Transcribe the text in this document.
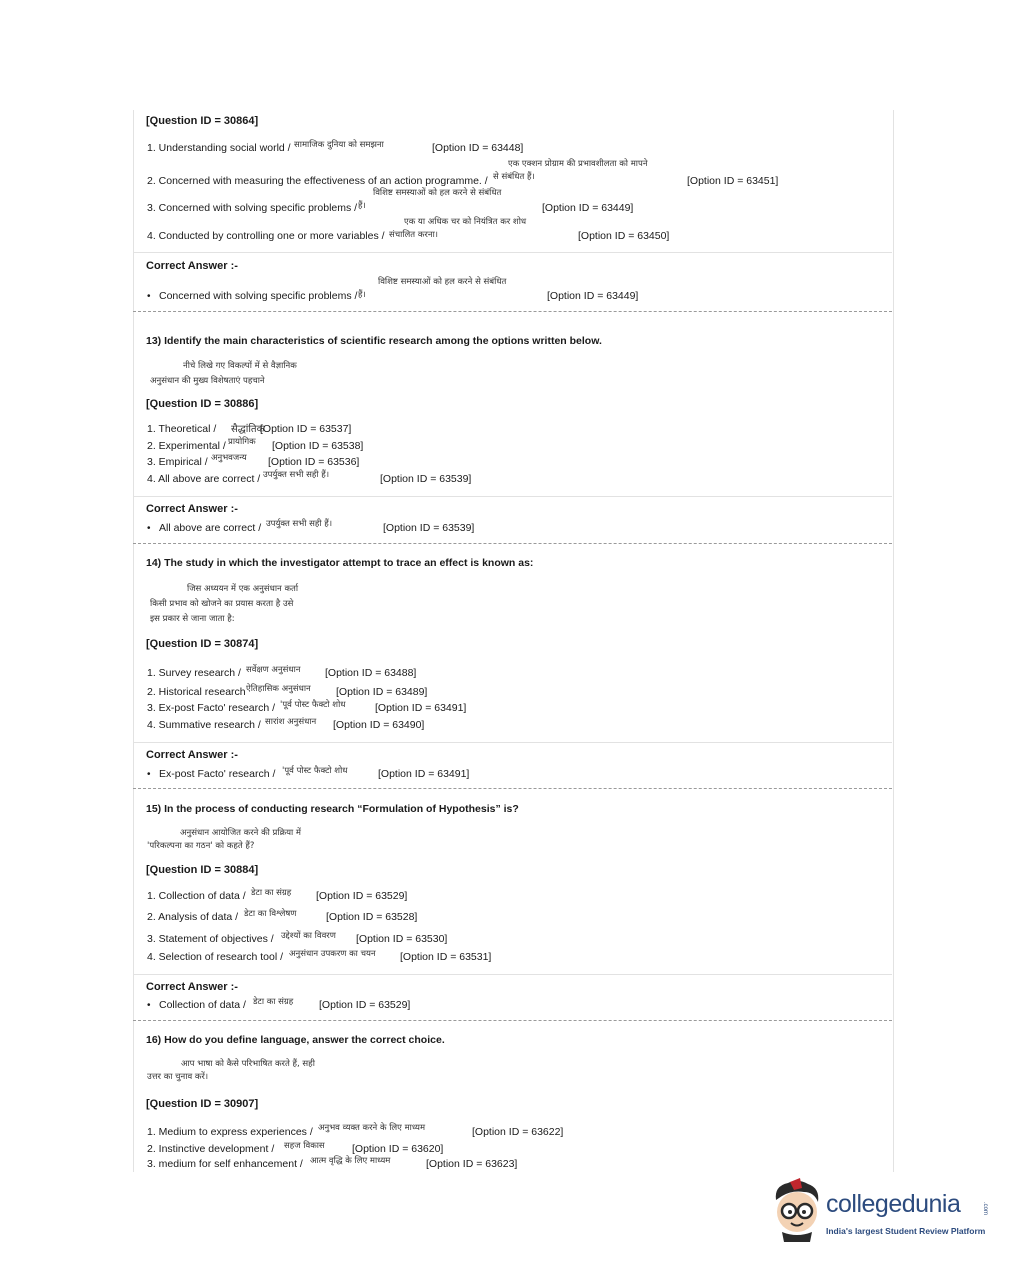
[Question ID = 30864]
1. Understanding social world / सामाजिक दुनिया को समझना	[Option ID = 63448]
एक एक्शन प्रोग्राम की प्रभावशीलता को मापने
2. Concerned with measuring the effectiveness of an action programme. / से संबंधित हैं।	[Option ID = 63451]
विशिष्ट समस्याओं को हल करने से संबंधित
3. Concerned with solving specific problems / हैं।	[Option ID = 63449]
एक या अधिक चर को नियंत्रित कर शोध
4. Conducted by controlling one or more variables / संचालित करना।	[Option ID = 63450]
Correct Answer :-
विशिष्ट समस्याओं को हल करने से संबंधित
• Concerned with solving specific problems / हैं।	[Option ID = 63449]
13) Identify the main characteristics of scientific research among the options written below.
नीचे लिखे गए विकल्पों में से वैज्ञानिक
अनुसंधान की मुख्य विशेषताएं पहचाने
[Question ID = 30886]
1. Theoretical / सैद्धांतिक
[Option ID = 63537]
2. Experimental / प्रायोगिक [Option ID = 63538]
3. Empirical / अनुभवजन्य [Option ID = 63536]
4. All above are correct / उपर्युक्त सभी सही हैं।	[Option ID = 63539]
Correct Answer :-
• All above are correct / उपर्युक्त सभी सही हैं।	[Option ID = 63539]
14) The study in which the investigator attempt to trace an effect is known as:
जिस अध्ययन में एक अनुसंधान कर्ता
किसी प्रभाव को खोजने का प्रयास करता है उसे
इस प्रकार से जाना जाता है:
[Question ID = 30874]
1. Survey research / सर्वेक्षण अनुसंधान [Option ID = 63488]
2. Historical research ऐतिहासिक अनुसंधान [Option ID = 63489]
3. Ex-post Facto' research / 'पूर्व पोस्ट फैक्टो शोध	[Option ID = 63491]
4. Summative research / सारांश अनुसंधान [Option ID = 63490]
Correct Answer :-
• Ex-post Facto' research / 'पूर्व पोस्ट फैक्टो शोध	[Option ID = 63491]
15) In the process of conducting research “Formulation of Hypothesis” is?
अनुसंधान आयोजित करने की प्रक्रिया में
'परिकल्पना का गठन' को कहते हैं?
[Question ID = 30884]
1. Collection of data / डेटा का संग्रह [Option ID = 63529]
2. Analysis of data / डेटा का विश्लेषण	[Option ID = 63528]
3. Statement of objectives / उद्देश्यों का विवरण [Option ID = 63530]
4. Selection of research tool / अनुसंधान उपकरण का चयन [Option ID = 63531]
Correct Answer :-
• Collection of data / डेटा का संग्रह [Option ID = 63529]
16) How do you define language, answer the correct choice.
आप भाषा को कैसे परिभाषित करते हैं, सही
उत्तर का चुनाव करें।
[Question ID = 30907]
1. Medium to express experiences / अनुभव व्यक्त करने के लिए माध्यम	[Option ID = 63622]
2. Instinctive development / सहज विकास	[Option ID = 63620]
3. medium for self enhancement / आत्म वृद्धि के लिए माध्यम	[Option ID = 63623]
collegedunia	.com
India's largest Student Review Platform
